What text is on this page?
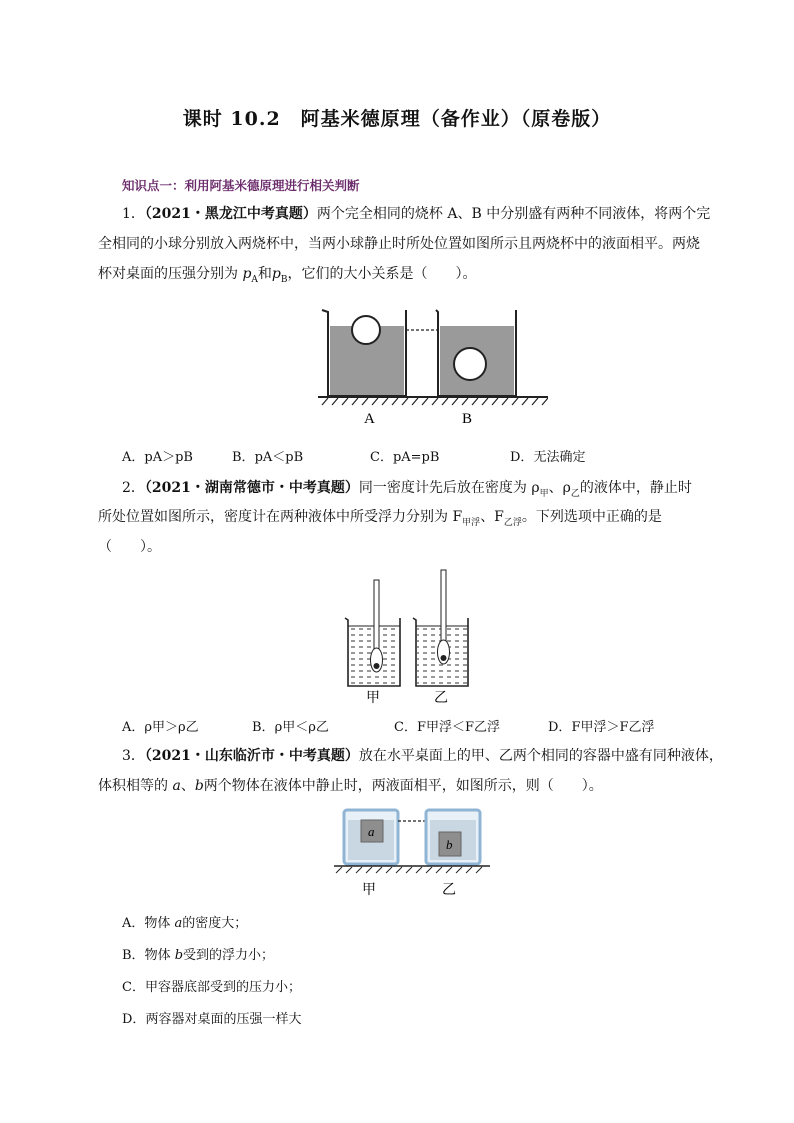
课时 10.2　阿基米德原理（备作业）（原卷版）
知识点一：利用阿基米德原理进行相关判断
1．（2021・黑龙江中考真题）两个完全相同的烧杯 A、B 中分别盛有两种不同液体，将两个完
全相同的小球分别放入两烧杯中，当两小球静止时所处位置如图所示且两烧杯中的液面相平。两烧
杯对桌面的压强分别为 $p_A$和$p_B$，它们的大小关系是（　　）。
A	B
A．pA＞pB	B．pA＜pB	C．pA=pB	D．无法确定
2．（2021・湖南常德市・中考真题）同一密度计先后放在密度为 $\rho_甲$、$\rho_乙$的液体中，静止时
所处位置如图所示，密度计在两种液体中所受浮力分别为 $F_{甲浮}$、$F_{乙浮}$。下列选项中正确的是
（　　）。
甲	乙
A．ρ甲＞ρ乙	B．ρ甲＜ρ乙	C．F甲浮＜F乙浮	D．F甲浮＞F乙浮
3．（2021・山东临沂市・中考真题）放在水平桌面上的甲、乙两个相同的容器中盛有同种液体，
体积相等的 a、b两个物体在液体中静止时，两液面相平，如图所示，则（　　）。
a
b
甲	乙
A．物体 a的密度大；
B．物体 b受到的浮力小；
C．甲容器底部受到的压力小；
D．两容器对桌面的压强一样大
